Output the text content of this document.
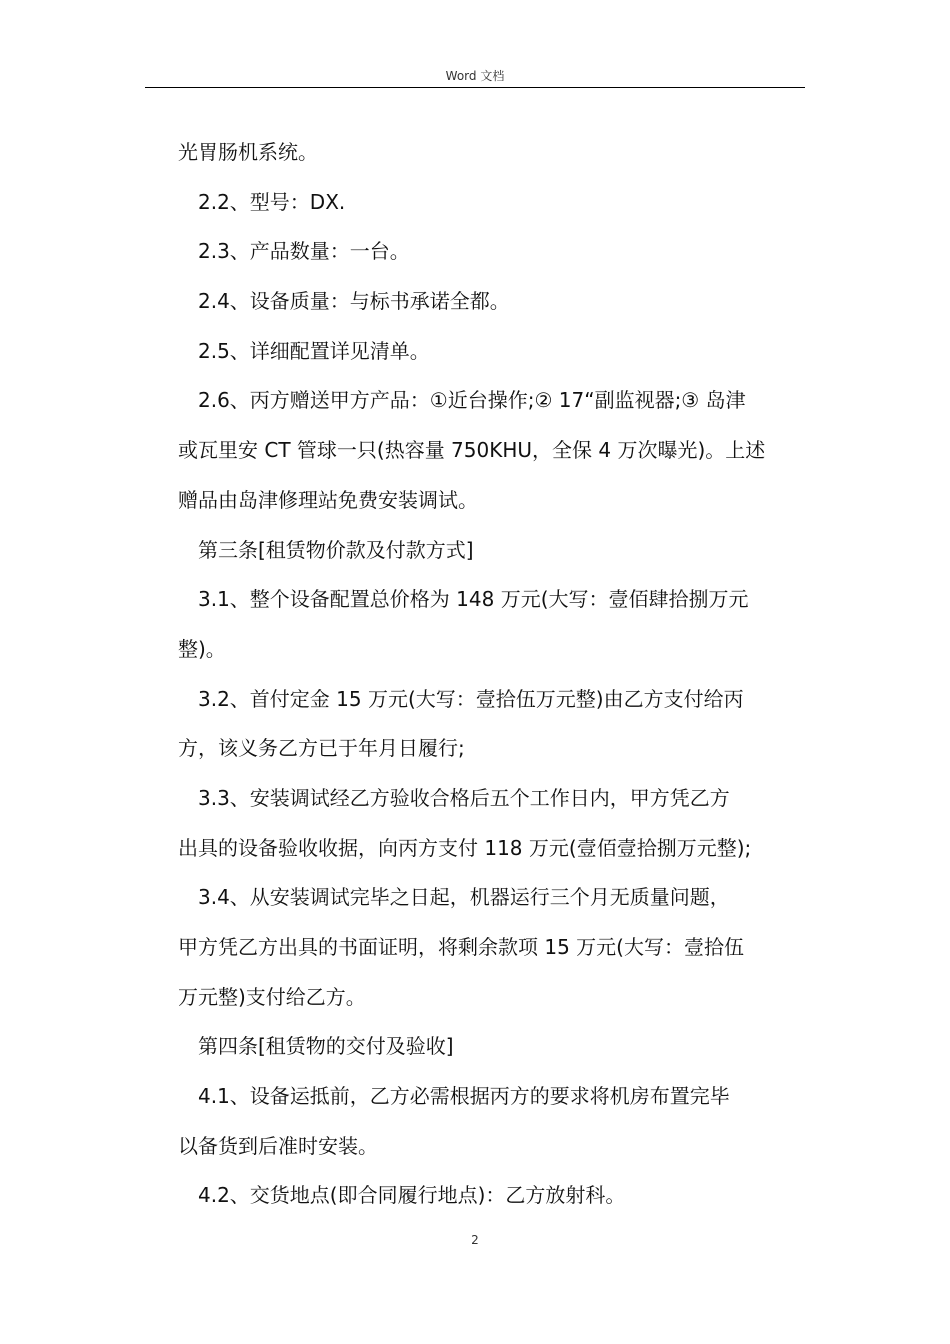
Word 文档
光胃肠机系统。
2.2、型号：DX.
2.3、产品数量：一台。
2.4、设备质量：与标书承诺全都。
2.5、详细配置详见清单。
2.6、丙方赠送甲方产品：①近台操作;② 17“副监视器;③ 岛津
或瓦里安 CT 管球一只(热容量 750KHU，全保 4 万次曝光)。上述
赠品由岛津修理站免费安装调试。
第三条[租赁物价款及付款方式]
3.1、整个设备配置总价格为 148 万元(大写：壹佰肆拾捌万元
整)。
3.2、首付定金 15 万元(大写：壹拾伍万元整)由乙方支付给丙
方，该义务乙方已于年月日履行;
3.3、安装调试经乙方验收合格后五个工作日内，甲方凭乙方
出具的设备验收收据，向丙方支付 118 万元(壹佰壹拾捌万元整);
3.4、从安装调试完毕之日起，机器运行三个月无质量问题，
甲方凭乙方出具的书面证明，将剩余款项 15 万元(大写：壹拾伍
万元整)支付给乙方。
第四条[租赁物的交付及验收]
4.1、设备运抵前，乙方必需根据丙方的要求将机房布置完毕
以备货到后准时安装。
4.2、交货地点(即合同履行地点)：乙方放射科。
2
